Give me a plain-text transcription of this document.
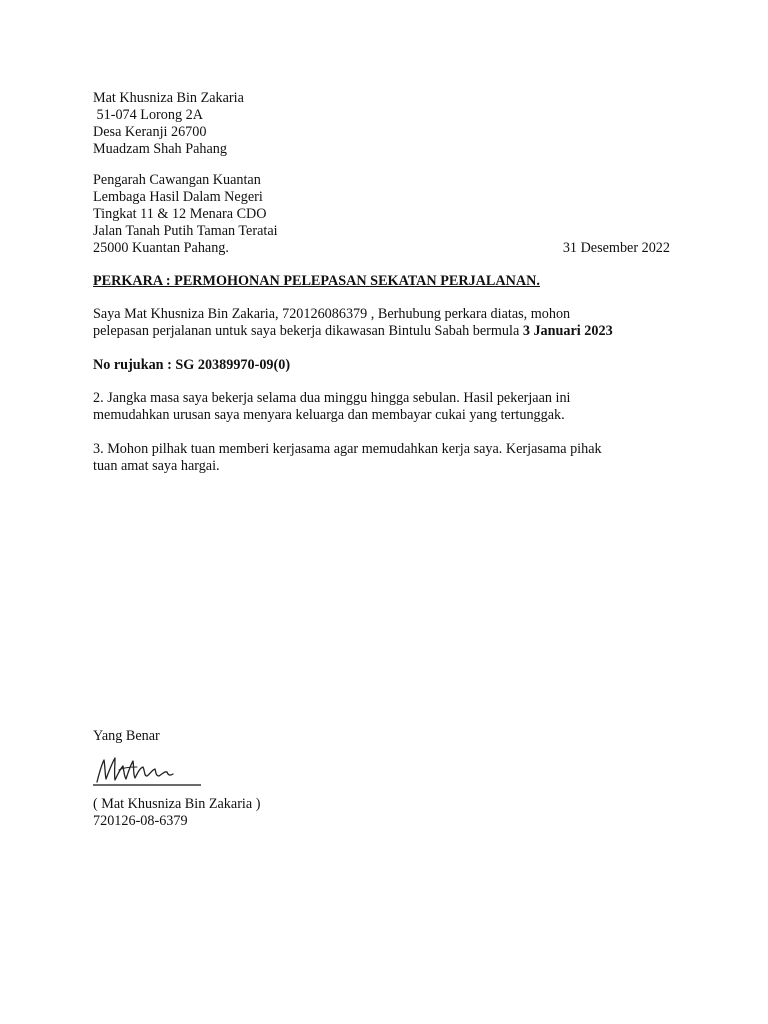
Mat Khusniza Bin Zakaria
51-074 Lorong 2A
Desa Keranji 26700
Muadzam Shah Pahang
Pengarah Cawangan Kuantan
Lembaga Hasil Dalam Negeri
Tingkat 11 & 12 Menara CDO
Jalan Tanah Putih Taman Teratai
25000 Kuantan Pahang.	31 Desember 2022
PERKARA : PERMOHONAN PELEPASAN SEKATAN PERJALANAN.
Saya Mat Khusniza Bin Zakaria, 720126086379 , Berhubung perkara diatas, mohon
pelepasan perjalanan untuk saya bekerja dikawasan Bintulu Sabah bermula 3 Januari 2023
No rujukan : SG 20389970-09(0)
2. Jangka masa saya bekerja selama dua minggu hingga sebulan. Hasil pekerjaan ini
memudahkan urusan saya menyara keluarga dan membayar cukai yang tertunggak.
3. Mohon pilhak tuan memberi kerjasama agar memudahkan kerja saya. Kerjasama pihak
tuan amat saya hargai.
Yang Benar
( Mat Khusniza Bin Zakaria )
720126-08-6379
